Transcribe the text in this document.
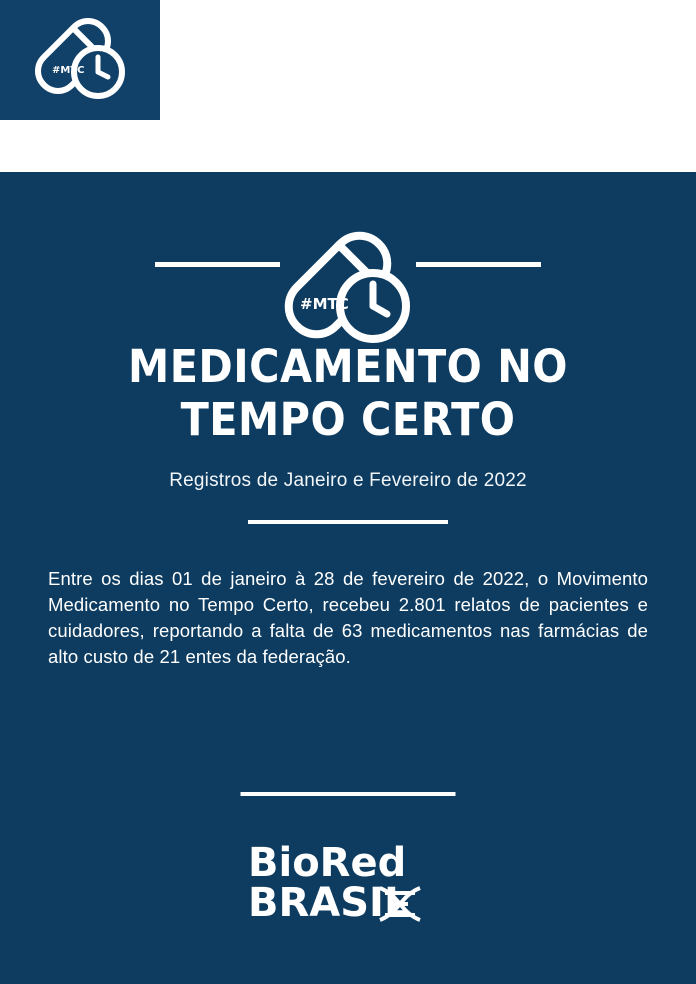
#MTC
#MTC
MEDICAMENTO NO
TEMPO CERTO
Registros de Janeiro e Fevereiro de 2022

Entre os dias 01 de janeiro à 28 de fevereiro de 2022, o Movimento Medicamento no Tempo Certo, recebeu 2.801 relatos de pacientes e cuidadores, reportando a falta de 63 medicamentos nas farmácias de alto custo de 21 entes da federação.

BioRed
BRASIL
